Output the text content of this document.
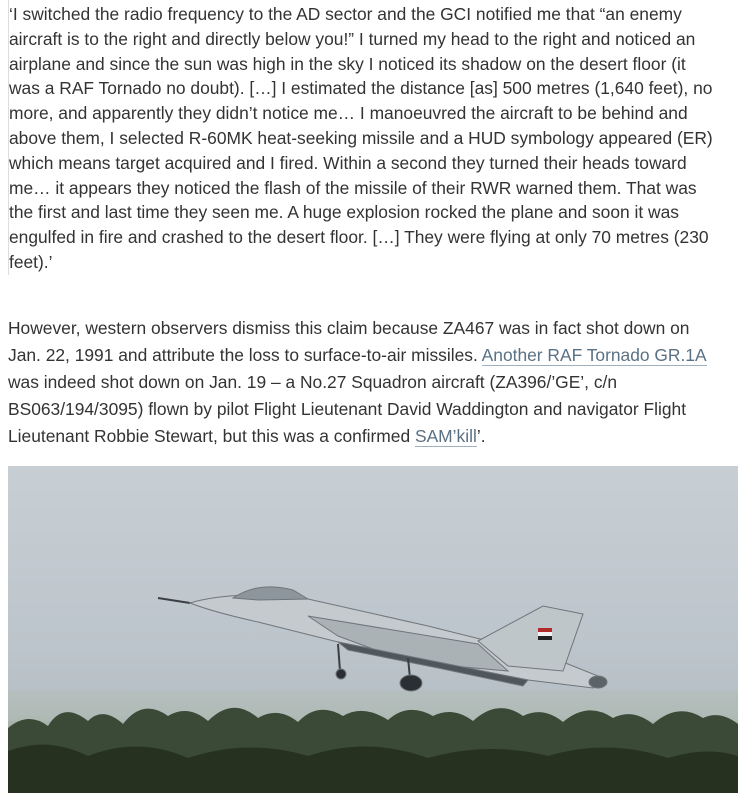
‘I switched the radio frequency to the AD sector and the GCI notified me that “an enemy
aircraft is to the right and directly below you!” I turned my head to the right and noticed an
airplane and since the sun was high in the sky I noticed its shadow on the desert floor (it
was a RAF Tornado no doubt). […] I estimated the distance [as] 500 metres (1,640 feet), no
more, and apparently they didn’t notice me… I manoeuvred the aircraft to be behind and
above them, I selected R-60MK heat-seeking missile and a HUD symbology appeared (ER)
which means target acquired and I fired. Within a second they turned their heads toward
me… it appears they noticed the flash of the missile of their RWR warned them. That was
the first and last time they seen me. A huge explosion rocked the plane and soon it was
engulfed in fire and crashed to the desert floor. […] They were flying at only 70 metres (230
feet).’
However, western observers dismiss this claim because ZA467 was in fact shot down on
Jan. 22, 1991 and attribute the loss to surface-to-air missiles. Another RAF Tornado GR.1A
was indeed shot down on Jan. 19 – a No.27 Squadron aircraft (ZA396/’GE’, c/n
BS063/194/3095) flown by pilot Flight Lieutenant David Waddington and navigator Flight
Lieutenant Robbie Stewart, but this was a confirmed SAM’kill’.
